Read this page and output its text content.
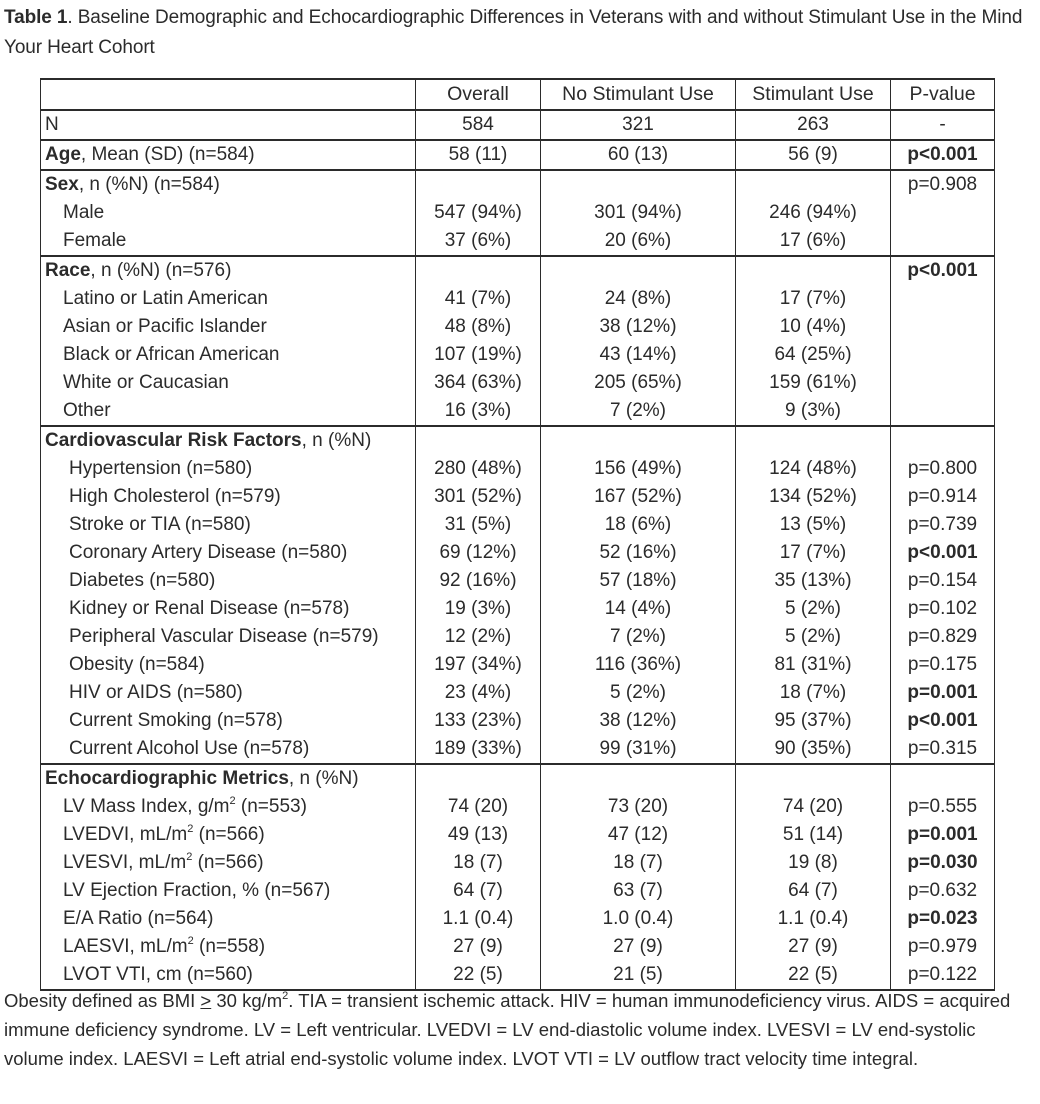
Table 1. Baseline Demographic and Echocardiographic Differences in Veterans with and without Stimulant Use in the Mind Your Heart Cohort
	Overall	No Stimulant Use	Stimulant Use	P-value
N	584	321	263	-
Age, Mean (SD) (n=584)	58 (11)	60 (13)	56 (9)	p<0.001
Sex, n (%N) (n=584)				p=0.908
Male	547 (94%)	301 (94%)	246 (94%)	
Female	37 (6%)	20 (6%)	17 (6%)	
Race, n (%N) (n=576)				p<0.001
Latino or Latin American	41 (7%)	24 (8%)	17 (7%)	
Asian or Pacific Islander	48 (8%)	38 (12%)	10 (4%)	
Black or African American	107 (19%)	43 (14%)	64 (25%)	
White or Caucasian	364 (63%)	205 (65%)	159 (61%)	
Other	16 (3%)	7 (2%)	9 (3%)	
Cardiovascular Risk Factors, n (%N)				
Hypertension (n=580)	280 (48%)	156 (49%)	124 (48%)	p=0.800
High Cholesterol (n=579)	301 (52%)	167 (52%)	134 (52%)	p=0.914
Stroke or TIA (n=580)	31 (5%)	18 (6%)	13 (5%)	p=0.739
Coronary Artery Disease (n=580)	69 (12%)	52 (16%)	17 (7%)	p<0.001
Diabetes (n=580)	92 (16%)	57 (18%)	35 (13%)	p=0.154
Kidney or Renal Disease (n=578)	19 (3%)	14 (4%)	5 (2%)	p=0.102
Peripheral Vascular Disease (n=579)	12 (2%)	7 (2%)	5 (2%)	p=0.829
Obesity (n=584)	197 (34%)	116 (36%)	81 (31%)	p=0.175
HIV or AIDS (n=580)	23 (4%)	5 (2%)	18 (7%)	p=0.001
Current Smoking (n=578)	133 (23%)	38 (12%)	95 (37%)	p<0.001
Current Alcohol Use (n=578)	189 (33%)	99 (31%)	90 (35%)	p=0.315
Echocardiographic Metrics, n (%N)				
LV Mass Index, $g/m^2$ (n=553)	74 (20)	73 (20)	74 (20)	p=0.555
LVEDVI, $mL/m^2$ (n=566)	49 (13)	47 (12)	51 (14)	p=0.001
LVESVI, $mL/m^2$ (n=566)	18 (7)	18 (7)	19 (8)	p=0.030
LV Ejection Fraction, % (n=567)	64 (7)	63 (7)	64 (7)	p=0.632
E/A Ratio (n=564)	1.1 (0.4)	1.0 (0.4)	1.1 (0.4)	p=0.023
LAESVI, $mL/m^2$ (n=558)	27 (9)	27 (9)	27 (9)	p=0.979
LVOT VTI, cm (n=560)	22 (5)	21 (5)	22 (5)	p=0.122
Obesity defined as BMI ≥ 30 $kg/m^2$. TIA = transient ischemic attack. HIV = human immunodeficiency virus. AIDS = acquired immune deficiency syndrome. LV = Left ventricular. LVEDVI = LV end-diastolic volume index. LVESVI = LV end-systolic volume index. LAESVI = Left atrial end-systolic volume index. LVOT VTI = LV outflow tract velocity time integral.
